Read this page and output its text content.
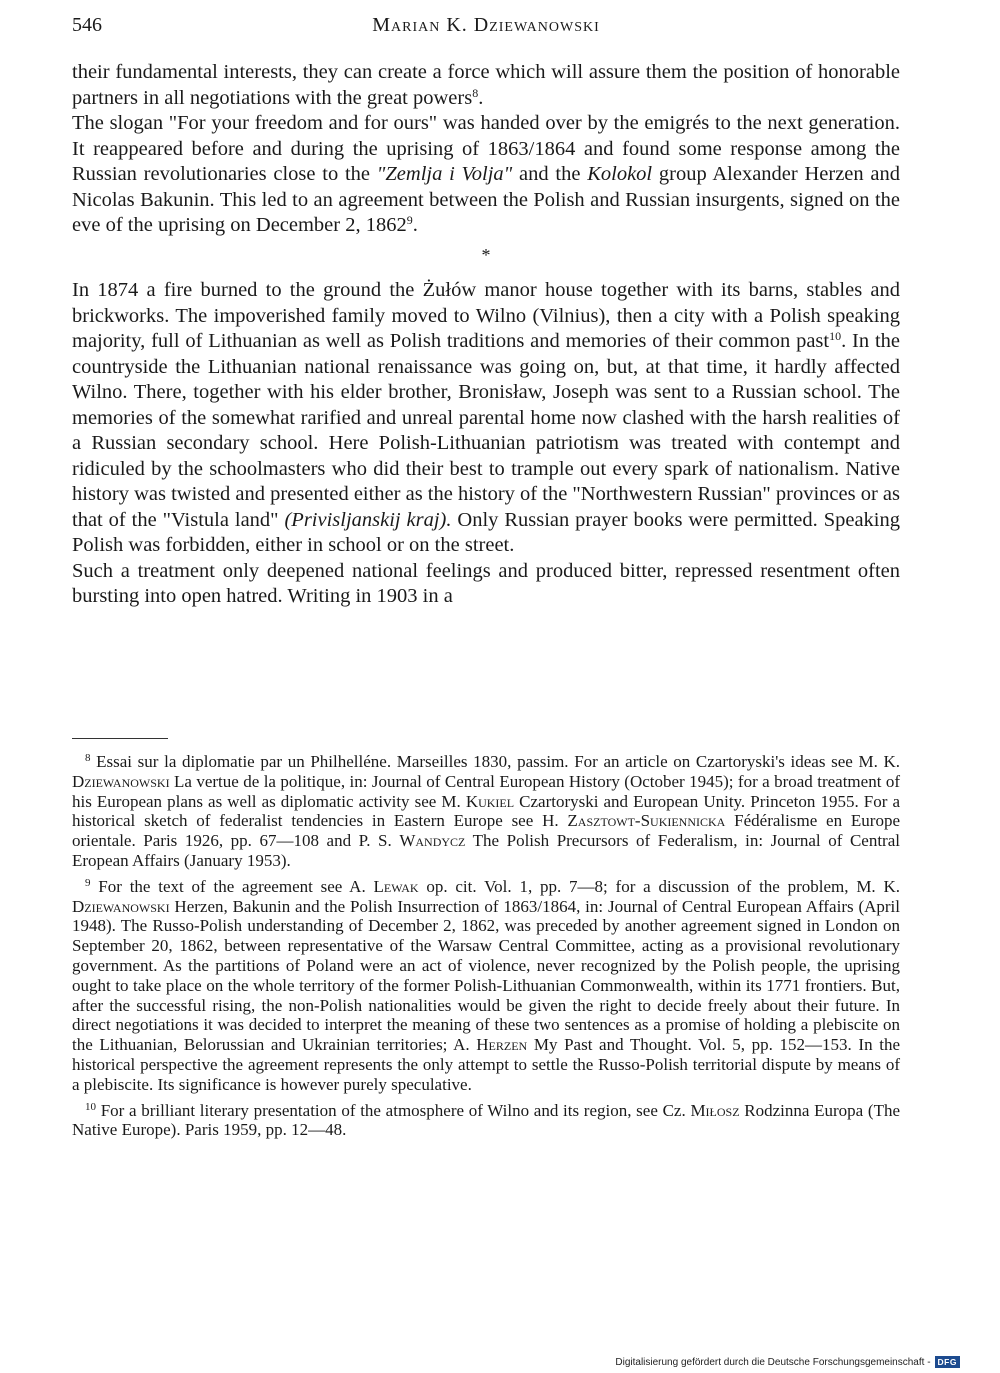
546	Marian K. Dziewanowski

their fundamental interests, they can create a force which will assure them the position of honorable partners in all negotiations with the great powers$^8$.

The slogan "For your freedom and for ours" was handed over by the emigrés to the next generation. It reappeared before and during the uprising of 1863/1864 and found some response among the Russian revolutionaries close to the "Zemlja i Volja" and the Kolokol group Alexander Herzen and Nicolas Bakunin. This led to an agreement between the Polish and Russian insurgents, signed on the eve of the uprising on December 2, 1862$^9$.

*

In 1874 a fire burned to the ground the Żułów manor house together with its barns, stables and brickworks. The impoverished family moved to Wilno (Vilnius), then a city with a Polish speaking majority, full of Lithuanian as well as Polish traditions and memories of their common past$^{10}$. In the countryside the Lithuanian national renaissance was going on, but, at that time, it hardly affected Wilno. There, together with his elder brother, Bronisław, Joseph was sent to a Russian school. The memories of the somewhat rarified and unreal parental home now clashed with the harsh realities of a Russian secondary school. Here Polish-Lithuanian patriotism was treated with contempt and ridiculed by the schoolmasters who did their best to trample out every spark of nationalism. Native history was twisted and presented either as the history of the "Northwestern Russian" provinces or as that of the "Vistula land" (Privisljanskij kraj). Only Russian prayer books were permitted. Speaking Polish was forbidden, either in school or on the street.

Such a treatment only deepened national feelings and produced bitter, repressed resentment often bursting into open hatred. Writing in 1903 in a

$^8$ Essai sur la diplomatie par un Philhelléne. Marseilles 1830, passim. For an article on Czartoryski's ideas see M. K. Dziewanowski La vertue de la politique, in: Journal of Central European History (October 1945); for a broad treatment of his European plans as well as diplomatic activity see M. Kukiel Czartoryski and European Unity. Princeton 1955. For a historical sketch of federalist tendencies in Eastern Europe see H. Zasztowt-Sukiennicka Fédéralisme en Europe orientale. Paris 1926, pp. 67—108 and P. S. Wandycz The Polish Precursors of Federalism, in: Journal of Central Eropean Affairs (January 1953).

$^9$ For the text of the agreement see A. Lewak op. cit. Vol. 1, pp. 7—8; for a discussion of the problem, M. K. Dziewanowski Herzen, Bakunin and the Polish Insurrection of 1863/1864, in: Journal of Central European Affairs (April 1948). The Russo-Polish understanding of December 2, 1862, was preceded by another agreement signed in London on September 20, 1862, between representative of the Warsaw Central Committee, acting as a provisional revolutionary government. As the partitions of Poland were an act of violence, never recognized by the Polish people, the uprising ought to take place on the whole territory of the former Polish-Lithuanian Commonwealth, within its 1771 frontiers. But, after the successful rising, the non-Polish nationalities would be given the right to decide freely about their future. In direct negotiations it was decided to interpret the meaning of these two sentences as a promise of holding a plebiscite on the Lithuanian, Belorussian and Ukrainian territories; A. Herzen My Past and Thought. Vol. 5, pp. 152—153. In the historical perspective the agreement represents the only attempt to settle the Russo-Polish territorial dispute by means of a plebiscite. Its significance is however purely speculative.

$^{10}$ For a brilliant literary presentation of the atmosphere of Wilno and its region, see Cz. Miłosz Rodzinna Europa (The Native Europe). Paris 1959, pp. 12—48.

Digitalisierung gefördert durch die Deutsche Forschungsgemeinschaft - DFG
